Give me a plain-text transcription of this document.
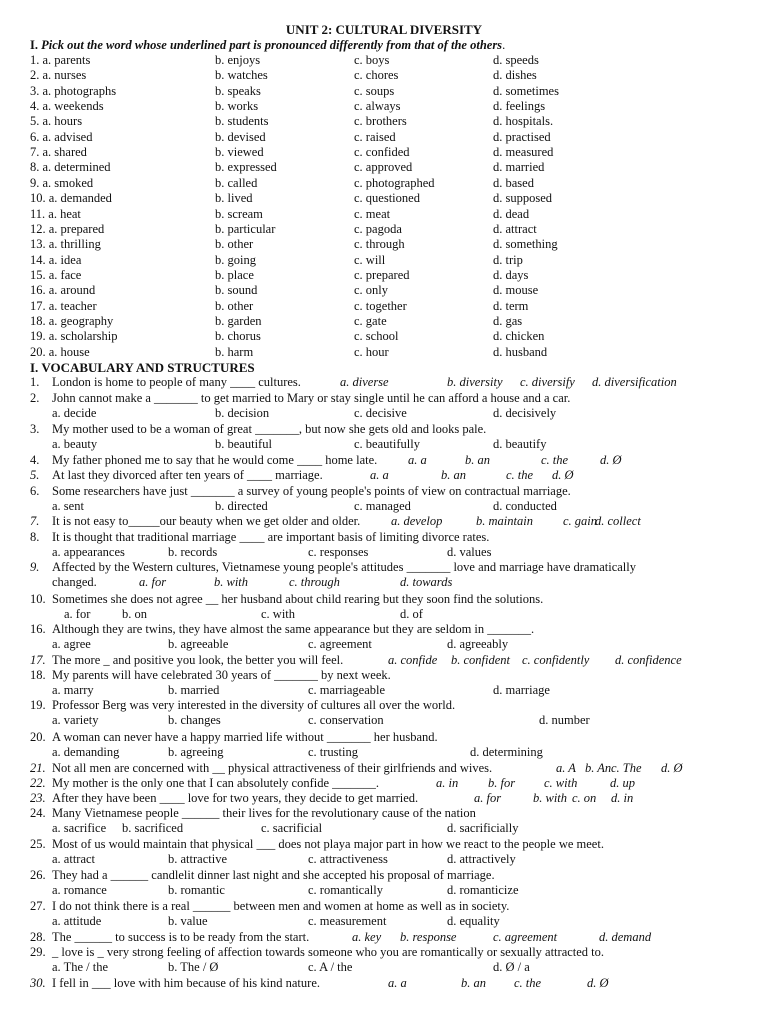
UNIT 2: CULTURAL DIVERSITY
I. Pick out the word whose underlined part is pronounced differently from that of the others.
1. a. parents	b. enjoys	c. boys	d. speeds
2. a. nurses	b. watches	c. chores	d. dishes
3. a. photographs	b. speaks	c. soups	d. sometimes
4. a. weekends	b. works	c. always	d. feelings
5. a. hours	b. students	c. brothers	d. hospitals.
6. a. advised	b. devised	c. raised	d. practised
7. a. shared	b. viewed	c. confided	d. measured
8. a. determined	b. expressed	c. approved	d. married
9. a. smoked	b. called	c. photographed	d. based
10. a. demanded	b. lived	c. questioned	d. supposed
11. a. heat	b. scream	c. meat	d. dead
12. a. prepared	b. particular	c. pagoda	d. attract
13. a. thrilling	b. other	c. through	d. something
14. a. idea	b. going	c. will	d. trip
15. a. face	b. place	c. prepared	d. days
16. a. around	b. sound	c. only	d. mouse
17. a. teacher	b. other	c. together	d. term
18. a. geography	b. garden	c. gate	d. gas
19. a. scholarship	b. chorus	c. school	d. chicken
20. a. house	b. harm	c. hour	d. husband
I. VOCABULARY AND STRUCTURES
1. London is home to people of many ____ cultures.	a. diverse	b. diversity c. diversify d. diversification
2. John cannot make a _______ to get married to Mary or stay single until he can afford a house and a car.
a. decide	b. decision	c. decisive	d. decisively
3. My mother used to be a woman of great _______, but now she gets old and looks pale.
a. beauty	b. beautiful	c. beautifully	d. beautify
4. My father phoned me to say that he would come ____ home late. a. a	b. an	c. the	d. Ø
5. At last they divorced after ten years of ____ marriage.	a. a	b. an	c. the d. Ø
6. Some researchers have just _______ a survey of young people's points of view on contractual marriage.
a. sent	b. directed	c. managed	d. conducted
7. It is not easy to_____our beauty when we get older and older. a. develop	b. maintain c. gain
d. collect
8. It is thought that traditional marriage ____ are important basis of limiting divorce rates.
a. appearances	b. records	c. responses	d. values
9. Affected by the Western cultures, Vietnamese young people's attitudes _______ love and marriage have dramatically
changed.	a. for	b. with	c. through	d. towards
10. Sometimes she does not agree __ her husband about child rearing but they soon find the solutions.
a. for	b. on	c. with	d. of
16. Although they are twins, they have almost the same appearance but they are seldom in _______.
a. agree	b. agreeable	c. agreement	d. agreeably
17. The more _ and positive you look, the better you will feel.	a. confide b. confident c. confidently d. confidence
18. My parents will have celebrated 30 years of _______ by next week.
a. marry	b. married	c. marriageable	d. marriage
19. Professor Berg was very interested in the diversity of cultures all over the world.
a. variety	b. changes	c. conservation	d. number
20. A woman can never have a happy married life without _______ her husband.
a. demanding	b. agreeing	c. trusting	d. determining
21. Not all men are concerned with __ physical attractiveness of their girlfriends and wives.	a. A b. An c. The d. Ø
22. My mother is the only one that I can absolutely confide _______.	a. in b. for c. with	d. up
23. After they have been ____ love for two years, they decide to get married.	a. for	b. with c. on d. in
24. Many Vietnamese people ______ their lives for the revolutionary cause of the nation
a. sacrifice b. sacrificed	c. sacrificial	d. sacrificially
25. Most of us would maintain that physical ___ does not playa major part in how we react to the people we meet.
a. attract	b. attractive	c. attractiveness	d. attractively
26. They had a ______ candlelit dinner last night and she accepted his proposal of marriage.
a. romance	b. romantic	c. romantically	d. romanticize
27. I do not think there is a real ______ between men and women at home as well as in society.
a. attitude	b. value	c. measurement	d. equality
28. The ______ to success is to be ready from the start.	a. key b. response	c. agreement	d. demand
29. _ love is _ very strong feeling of affection towards someone who you are romantically or sexually attracted to.
a. The / the	b. The / Ø	c. A / the	d. Ø / a
30. I fell in ___ love with him because of his kind nature.	a. a	b. an c. the	d. Ø
